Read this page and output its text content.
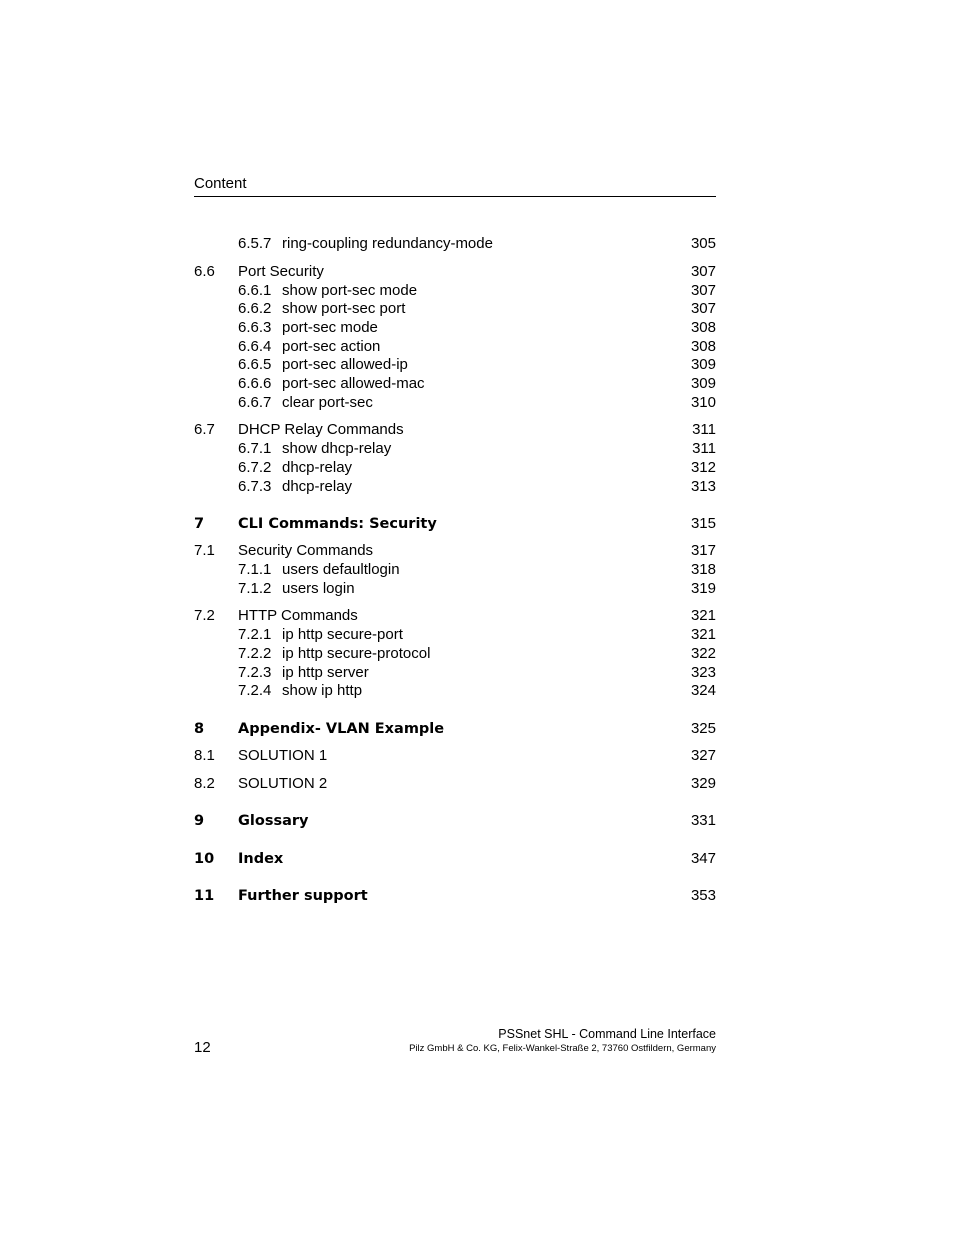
Content
6.5.7 ring-coupling redundancy-mode	305
6.6 Port Security	307
6.6.1 show port-sec mode	307
6.6.2 show port-sec port	307
6.6.3 port-sec mode	308
6.6.4 port-sec action	308
6.6.5 port-sec allowed-ip	309
6.6.6 port-sec allowed-mac	309
6.6.7 clear port-sec	310
6.7 DHCP Relay Commands	311
6.7.1 show dhcp-relay	311
6.7.2 dhcp-relay	312
6.7.3 dhcp-relay	313
7 CLI Commands: Security	315
7.1 Security Commands	317
7.1.1 users defaultlogin	318
7.1.2 users login	319
7.2 HTTP Commands	321
7.2.1 ip http secure-port	321
7.2.2 ip http secure-protocol	322
7.2.3 ip http server	323
7.2.4 show ip http	324
8 Appendix- VLAN Example	325
8.1 SOLUTION 1	327
8.2 SOLUTION 2	329
9 Glossary	331
10 Index	347
11 Further support	353
12
PSSnet SHL - Command Line Interface
Pilz GmbH & Co. KG, Felix-Wankel-Straße 2, 73760 Ostfildern, Germany
